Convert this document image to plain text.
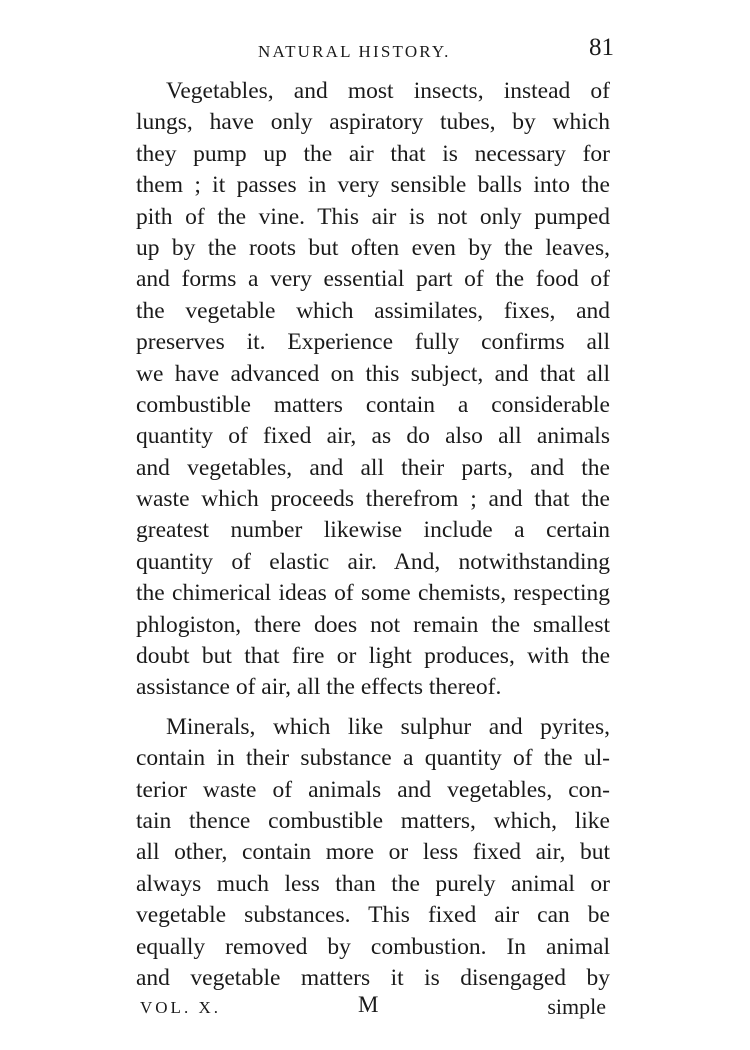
NATURAL HISTORY.	81
Vegetables, and most insects, instead of
lungs, have only aspiratory tubes, by which
they pump up the air that is necessary for
them ; it passes in very sensible balls into the
pith of the vine. This air is not only pumped
up by the roots but often even by the leaves,
and forms a very essential part of the food of
the vegetable which assimilates, fixes, and
preserves it. Experience fully confirms all
we have advanced on this subject, and that all
combustible matters contain a considerable
quantity of fixed air, as do also all animals
and vegetables, and all their parts, and the
waste which proceeds therefrom ; and that the
greatest number likewise include a certain
quantity of elastic air. And, notwithstanding
the chimerical ideas of some chemists, respecting
phlogiston, there does not remain the smallest
doubt but that fire or light produces, with the
assistance of air, all the effects thereof.
Minerals, which like sulphur and pyrites,
contain in their substance a quantity of the ul-
terior waste of animals and vegetables, con-
tain thence combustible matters, which, like
all other, contain more or less fixed air, but
always much less than the purely animal or
vegetable substances. This fixed air can be
equally removed by combustion. In animal
and vegetable matters it is disengaged by
VOL. X.	M	simple
